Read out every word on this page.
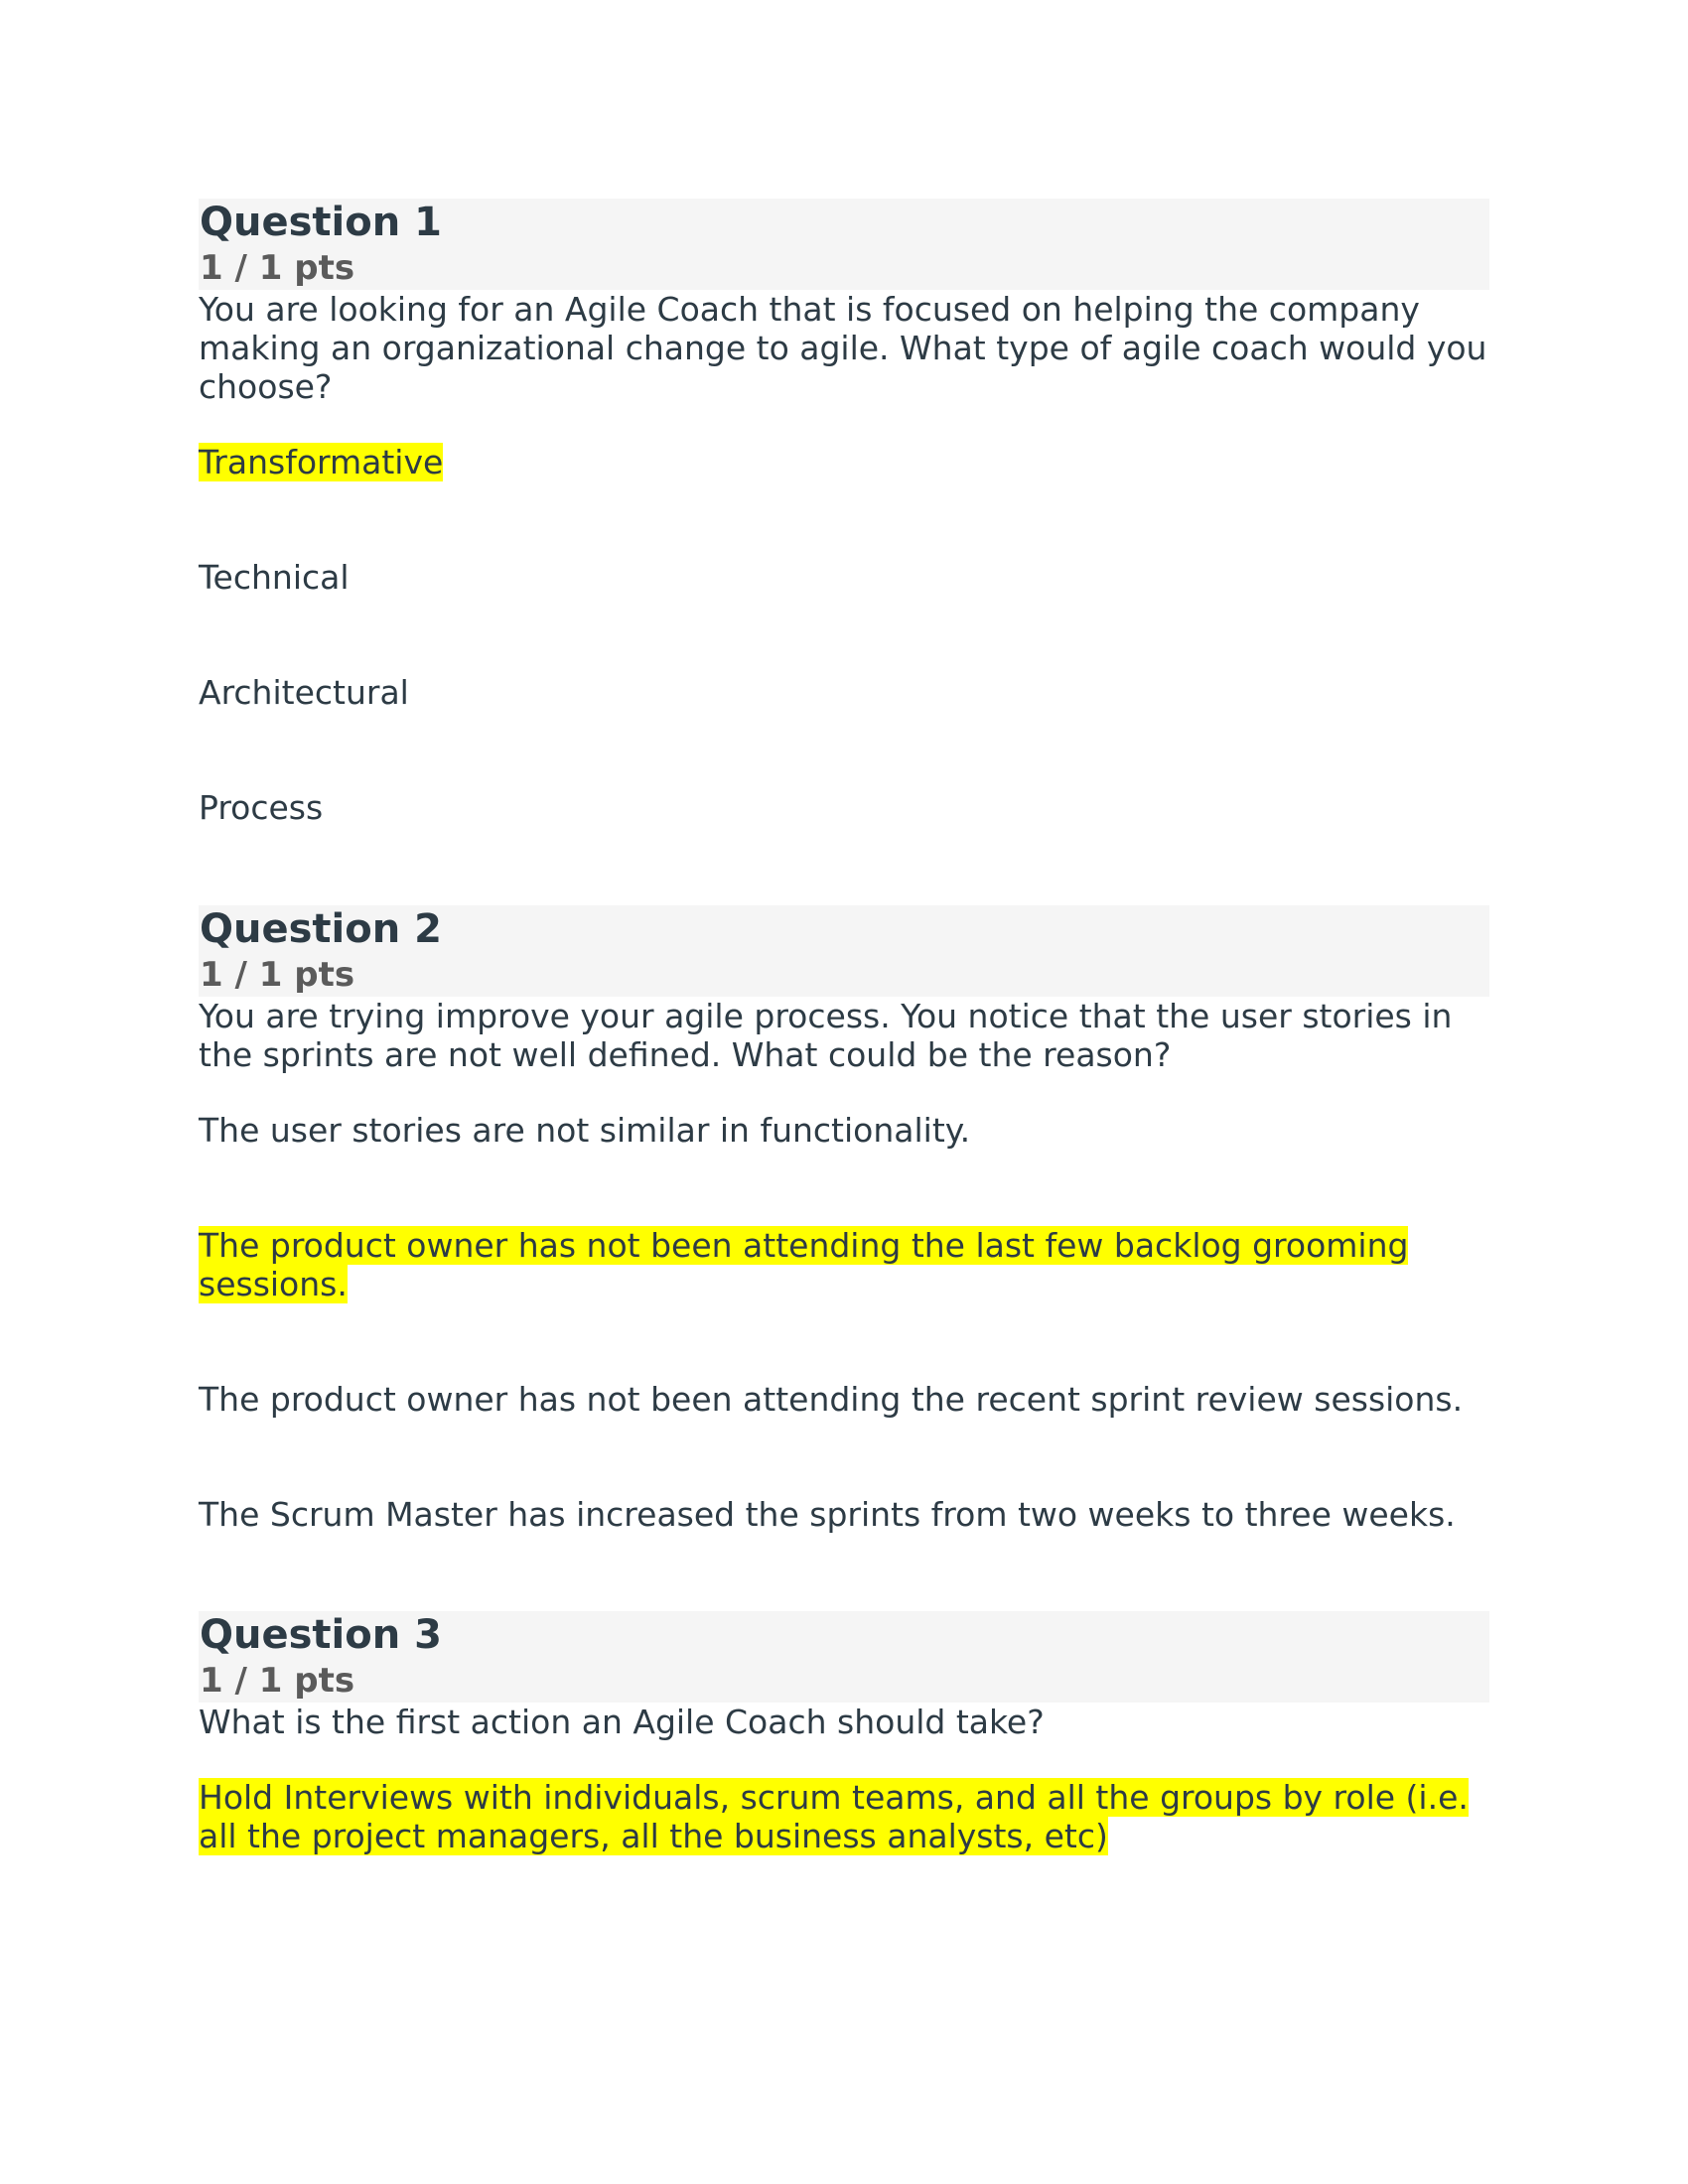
Question 1
1 / 1 pts

You are looking for an Agile Coach that is focused on helping the company making an organizational change to agile. What type of agile coach would you choose?

Transformative
Technical
Architectural
Process
Question 2
1 / 1 pts

You are trying improve your agile process. You notice that the user stories in the sprints are not well defined. What could be the reason?

The user stories are not similar in functionality.
The product owner has not been attending the last few backlog grooming sessions.
The product owner has not been attending the recent sprint review sessions.
The Scrum Master has increased the sprints from two weeks to three weeks.
Question 3
1 / 1 pts

What is the first action an Agile Coach should take?

Hold Interviews with individuals, scrum teams, and all the groups by role (i.e. all the project managers, all the business analysts, etc)
